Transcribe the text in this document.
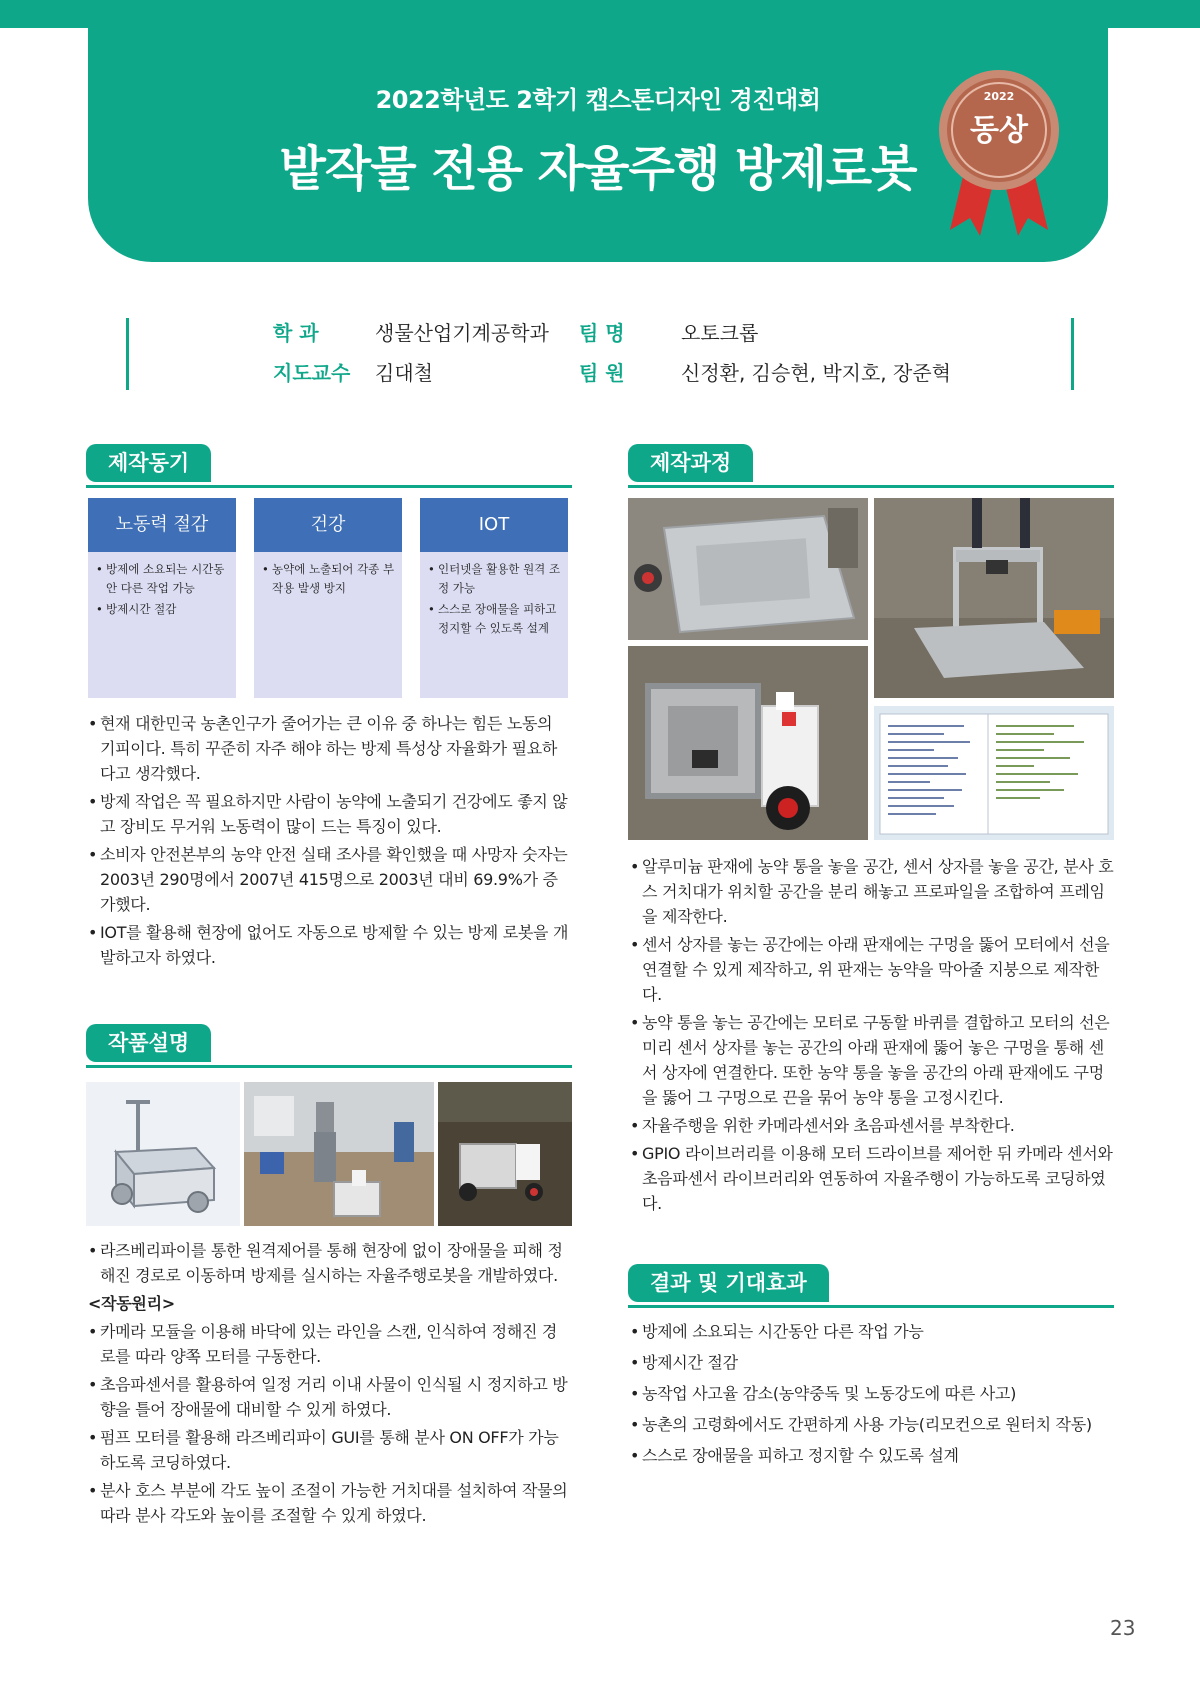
2022학년도 2학기 캡스톤디자인 경진대회
밭작물 전용 자율주행 방제로봇
2022
동상
학 과	생물산업기계공학과
지도교수 김대철
팀 명	오토크롭
팀 원	신정환, 김승현, 박지호, 장준혁
제작동기
노동력 절감
• 방제에 소요되는 시간동안 다른 작업 가능
• 방제시간 절감
건강
• 농약에 노출되어 각종 부작용 발생 방지
IOT
• 인터넷을 활용한 원격 조정 가능
• 스스로 장애물을 피하고 정지할 수 있도록 설계
• 현재 대한민국 농촌인구가 줄어가는 큰 이유 중 하나는 힘든 노동의 기피이다. 특히 꾸준히 자주 해야 하는 방제 특성상 자율화가 필요하다고 생각했다.
• 방제 작업은 꼭 필요하지만 사람이 농약에 노출되기 건강에도 좋지 않고 장비도 무거워 노동력이 많이 드는 특징이 있다.
• 소비자 안전본부의 농약 안전 실태 조사를 확인했을 때 사망자 숫자는 2003년 290명에서 2007년 415명으로 2003년 대비 69.9%가 증가했다.
• IOT를 활용해 현장에 없어도 자동으로 방제할 수 있는 방제 로봇을 개발하고자 하였다.
작품설명
• 라즈베리파이를 통한 원격제어를 통해 현장에 없이 장애물을 피해 정해진 경로로 이동하며 방제를 실시하는 자율주행로봇을 개발하였다.
<작동원리>
• 카메라 모듈을 이용해 바닥에 있는 라인을 스캔, 인식하여 정해진 경로를 따라 양쪽 모터를 구동한다.
• 초음파센서를 활용하여 일정 거리 이내 사물이 인식될 시 정지하고 방향을 틀어 장애물에 대비할 수 있게 하였다.
• 펌프 모터를 활용해 라즈베리파이 GUI를 통해 분사 ON OFF가 가능하도록 코딩하였다.
• 분사 호스 부분에 각도 높이 조절이 가능한 거치대를 설치하여 작물의 따라 분사 각도와 높이를 조절할 수 있게 하였다.
제작과정
• 알루미늄 판재에 농약 통을 놓을 공간, 센서 상자를 놓을 공간, 분사 호스 거치대가 위치할 공간을 분리 해놓고 프로파일을 조합하여 프레임을 제작한다.
• 센서 상자를 놓는 공간에는 아래 판재에는 구멍을 뚫어 모터에서 선을 연결할 수 있게 제작하고, 위 판재는 농약을 막아줄 지붕으로 제작한다.
• 농약 통을 놓는 공간에는 모터로 구동할 바퀴를 결합하고 모터의 선은 미리 센서 상자를 놓는 공간의 아래 판재에 뚫어 놓은 구멍을 통해 센서 상자에 연결한다. 또한 농약 통을 놓을 공간의 아래 판재에도 구멍을 뚫어 그 구멍으로 끈을 묶어 농약 통을 고정시킨다.
• 자율주행을 위한 카메라센서와 초음파센서를 부착한다.
• GPIO 라이브러리를 이용해 모터 드라이브를 제어한 뒤 카메라 센서와 초음파센서 라이브러리와 연동하여 자율주행이 가능하도록 코딩하였다.
결과 및 기대효과
• 방제에 소요되는 시간동안 다른 작업 가능
• 방제시간 절감
• 농작업 사고율 감소(농약중독 및 노동강도에 따른 사고)
• 농촌의 고령화에서도 간편하게 사용 가능(리모컨으로 원터치 작동)
• 스스로 장애물을 피하고 정지할 수 있도록 설계
23
